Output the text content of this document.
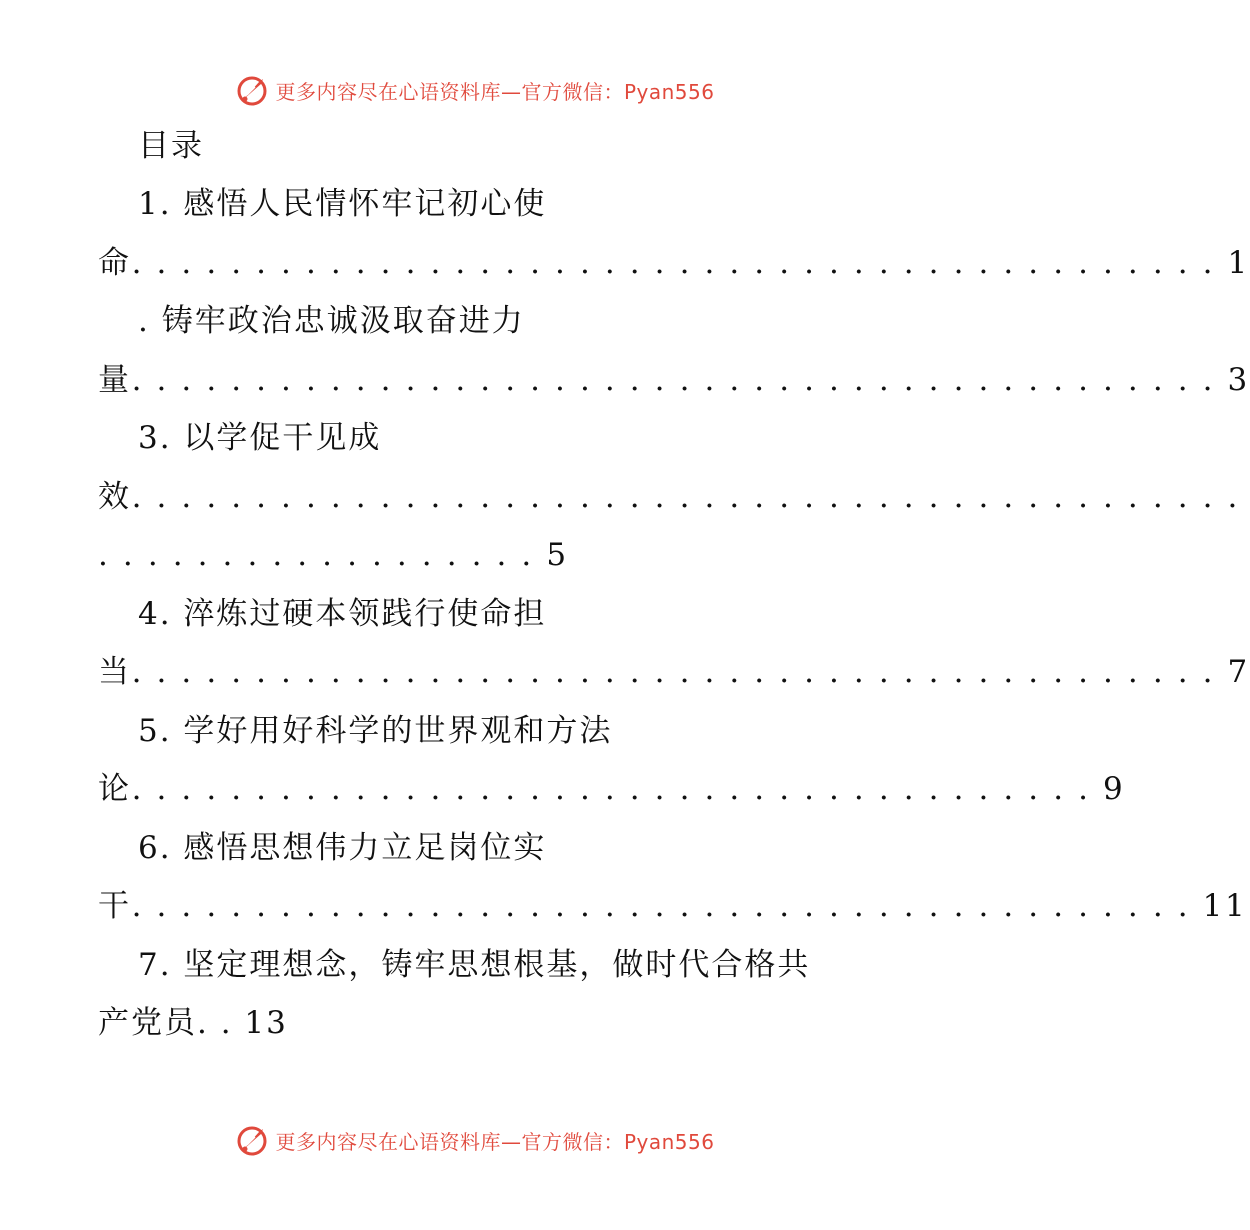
更多内容尽在心语资料库—官方微信：Pyan556
目录
1. 感悟人民情怀牢记初心使
命. . . . . . . . . . . . . . . . . . . . . . . . . . . . . . . . . . . . . . . . . . . . 1
. 铸牢政治忠诚汲取奋进力
量. . . . . . . . . . . . . . . . . . . . . . . . . . . . . . . . . . . . . . . . . . . . 3
3. 以学促干见成
效. . . . . . . . . . . . . . . . . . . . . . . . . . . . . . . . . . . . . . . . . . . . .
. . . . . . . . . . . . . . . . . . 5
4. 淬炼过硬本领践行使命担
当. . . . . . . . . . . . . . . . . . . . . . . . . . . . . . . . . . . . . . . . . . . . 7
5. 学好用好科学的世界观和方法
论. . . . . . . . . . . . . . . . . . . . . . . . . . . . . . . . . . . . . . . 9
6. 感悟思想伟力立足岗位实
干. . . . . . . . . . . . . . . . . . . . . . . . . . . . . . . . . . . . . . . . . . . 11
7. 坚定理想念，铸牢思想根基，做时代合格共
产党员. . 13
更多内容尽在心语资料库—官方微信：Pyan556
